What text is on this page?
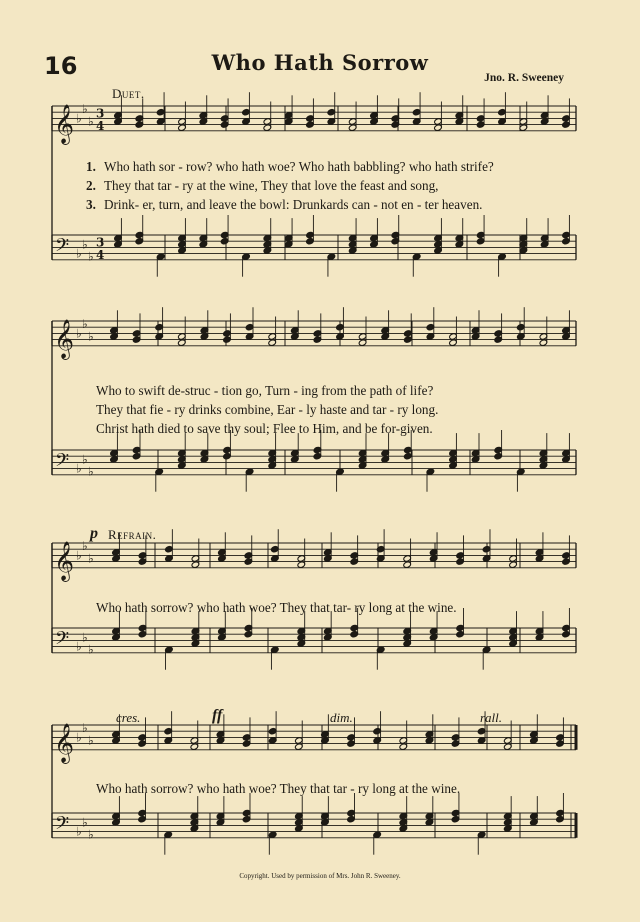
𝄞 ♭
♭
♭
3
4
𝄢 ♭
♭
♭
3
4
𝄞 ♭
♭
♭
𝄢 ♭
♭
♭
𝄞 ♭
♭
♭
𝄢 ♭
♭
♭
𝄞 ♭
♭
♭
𝄢 ♭
♭
♭
16	Who Hath Sorrow
Jno. R. Sweeney
Duet.
p Refrain.
cres.	ff	dim.	rall.
1. Who hath sor - row? who hath woe? Who hath babbling? who hath strife?
2. They that tar - ry at the wine, They that love the feast and song,
3. Drink- er, turn, and leave the bowl: Drunkards can - not en - ter heaven.
Who to swift de-struc - tion go, Turn - ing from the path of life?
They that fie - ry drinks combine, Ear - ly haste and tar - ry long.
Christ hath died to save thy soul; Flee to Him, and be for-given.
Who hath sorrow? who hath woe? They that tar- ry long at the wine.
Who hath sorrow? who hath woe? They that tar - ry long at the wine.
Copyright. Used by permission of Mrs. John R. Sweeney.
